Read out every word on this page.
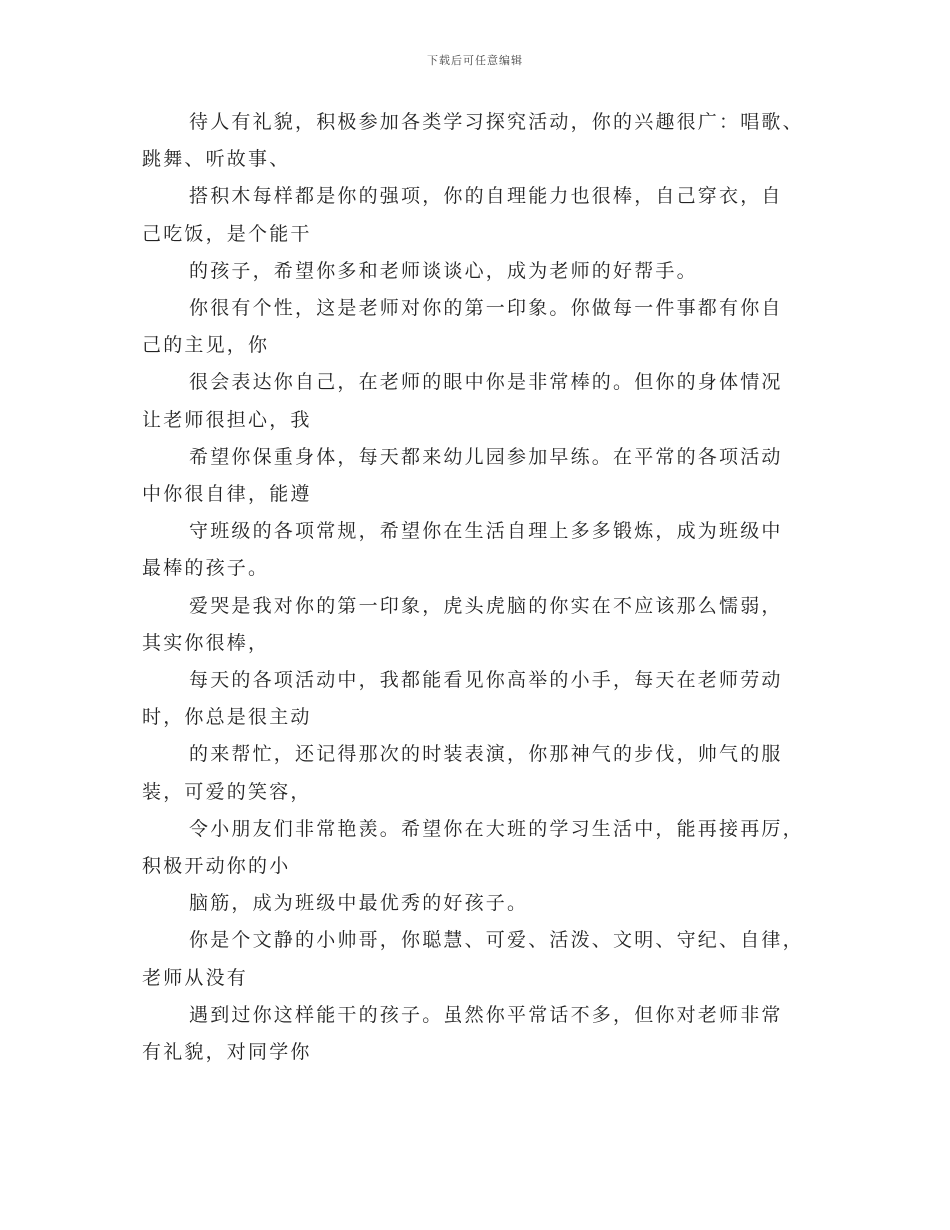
下载后可任意编辑

待人有礼貌，积极参加各类学习探究活动，你的兴趣很广：唱歌、
跳舞、听故事、

搭积木每样都是你的强项，你的自理能力也很棒，自己穿衣，自
己吃饭，是个能干

的孩子，希望你多和老师谈谈心，成为老师的好帮手。

你很有个性，这是老师对你的第一印象。你做每一件事都有你自
己的主见，你

很会表达你自己，在老师的眼中你是非常棒的。但你的身体情况
让老师很担心，我

希望你保重身体，每天都来幼儿园参加早练。在平常的各项活动
中你很自律，能遵

守班级的各项常规，希望你在生活自理上多多锻炼，成为班级中
最棒的孩子。

爱哭是我对你的第一印象，虎头虎脑的你实在不应该那么懦弱，
其实你很棒，

每天的各项活动中，我都能看见你高举的小手，每天在老师劳动
时，你总是很主动

的来帮忙，还记得那次的时装表演，你那神气的步伐，帅气的服
装，可爱的笑容，

令小朋友们非常艳羡。希望你在大班的学习生活中，能再接再厉，
积极开动你的小

脑筋，成为班级中最优秀的好孩子。

你是个文静的小帅哥，你聪慧、可爱、活泼、文明、守纪、自律，
老师从没有

遇到过你这样能干的孩子。虽然你平常话不多，但你对老师非常
有礼貌，对同学你
